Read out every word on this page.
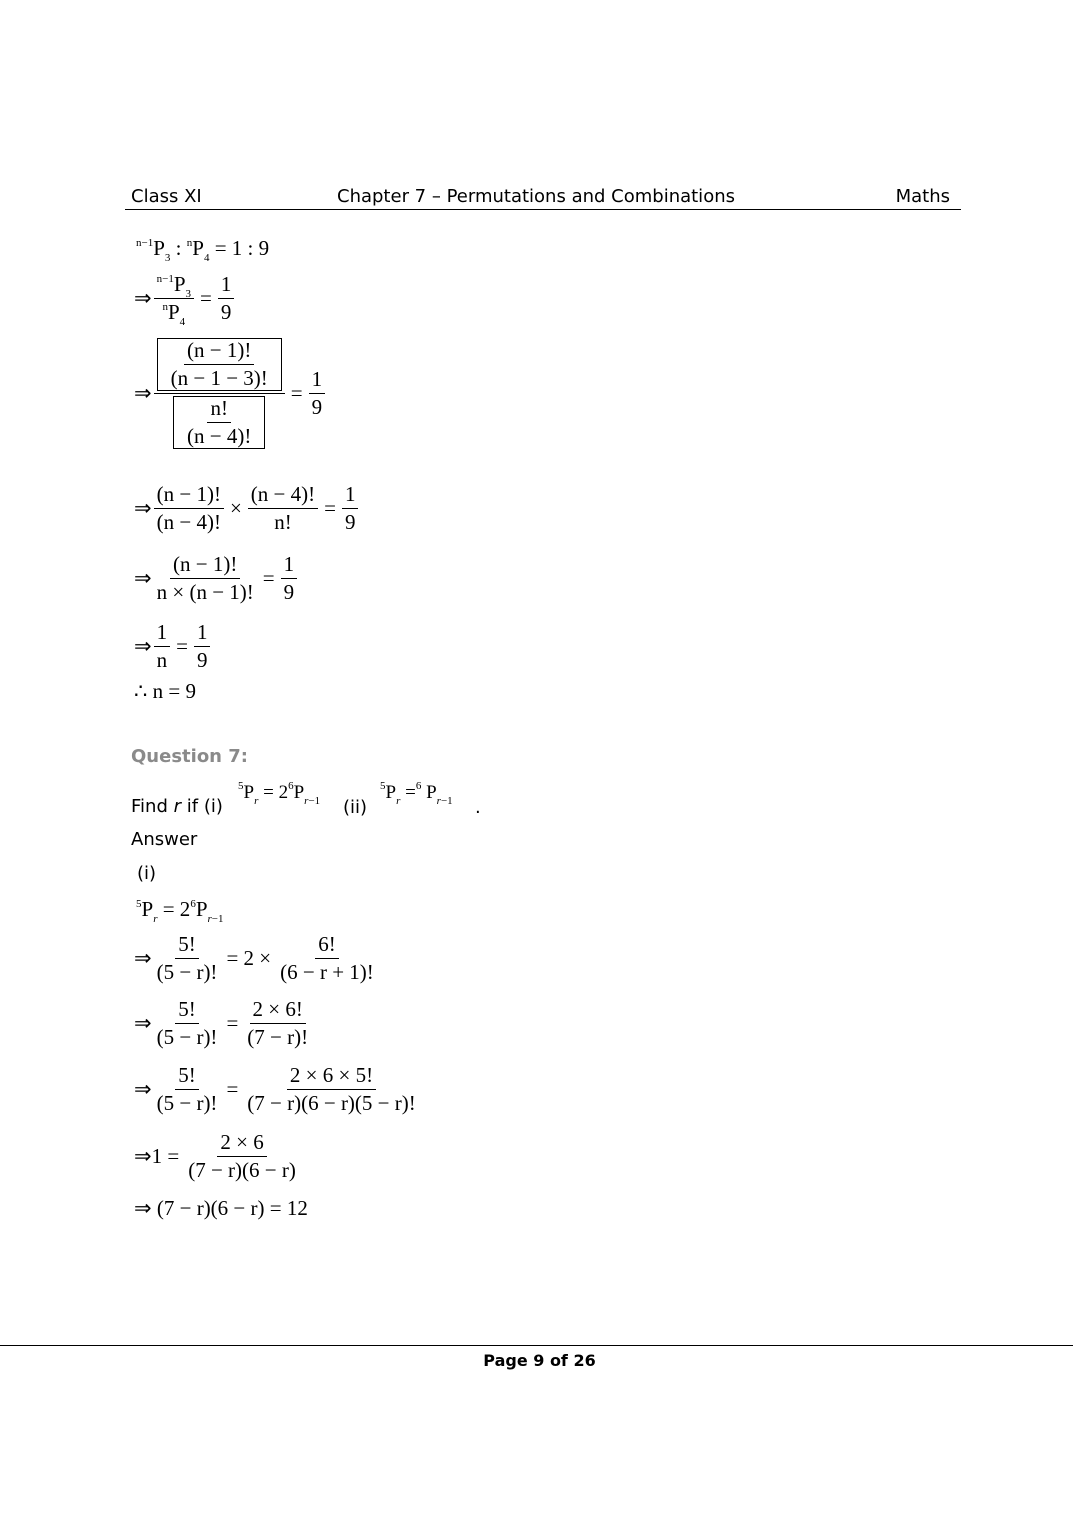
Class XI	Chapter 7 – Permutations and Combinations	Maths
$^{n-1}P_3$ : $^nP_4 = 1$ : 9
⇒ $\frac{^{n-1}P_3}{^nP_4} = \frac{1}{9}$
⇒ $\frac{\frac{(n - 1)!}{(n - 1 - 3)!}}{\frac{n!}{(n - 4)!}} = \frac{1}{9}$
⇒ $\frac{(n - 1)!}{(n - 4)!} \times \frac{(n - 4)!}{n!} = \frac{1}{9}$
⇒ $\frac{(n - 1)!}{n \times (n - 1)!} = \frac{1}{9}$
⇒ $\frac{1}{n} = \frac{1}{9}$
∴ n = 9
Question 7:
Find r if (i)
$^5P_r = 2^6P_{r-1}$ (ii)
$^5P_r =^6$ $P_{r-1}$ .
Answer
(i)
$^5P_r = 2^6P_{r-1}$
⇒ $\frac{5!}{(5 - r)!} = 2 \times \frac{6!}{(6 - r + 1)!}$
⇒ $\frac{5!}{(5 - r)!} = \frac{2 \times 6!}{(7 - r)!}$
⇒ $\frac{5!}{(5 - r)!} = \frac{2 \times 6 \times 5!}{(7 - r)(6 - r)(5 - r)!}$
⇒ $1 = \frac{2 \times 6}{(7 - r)(6 - r)}$
⇒ (7 − r)(6 − r) = 12
Page 9 of 26
